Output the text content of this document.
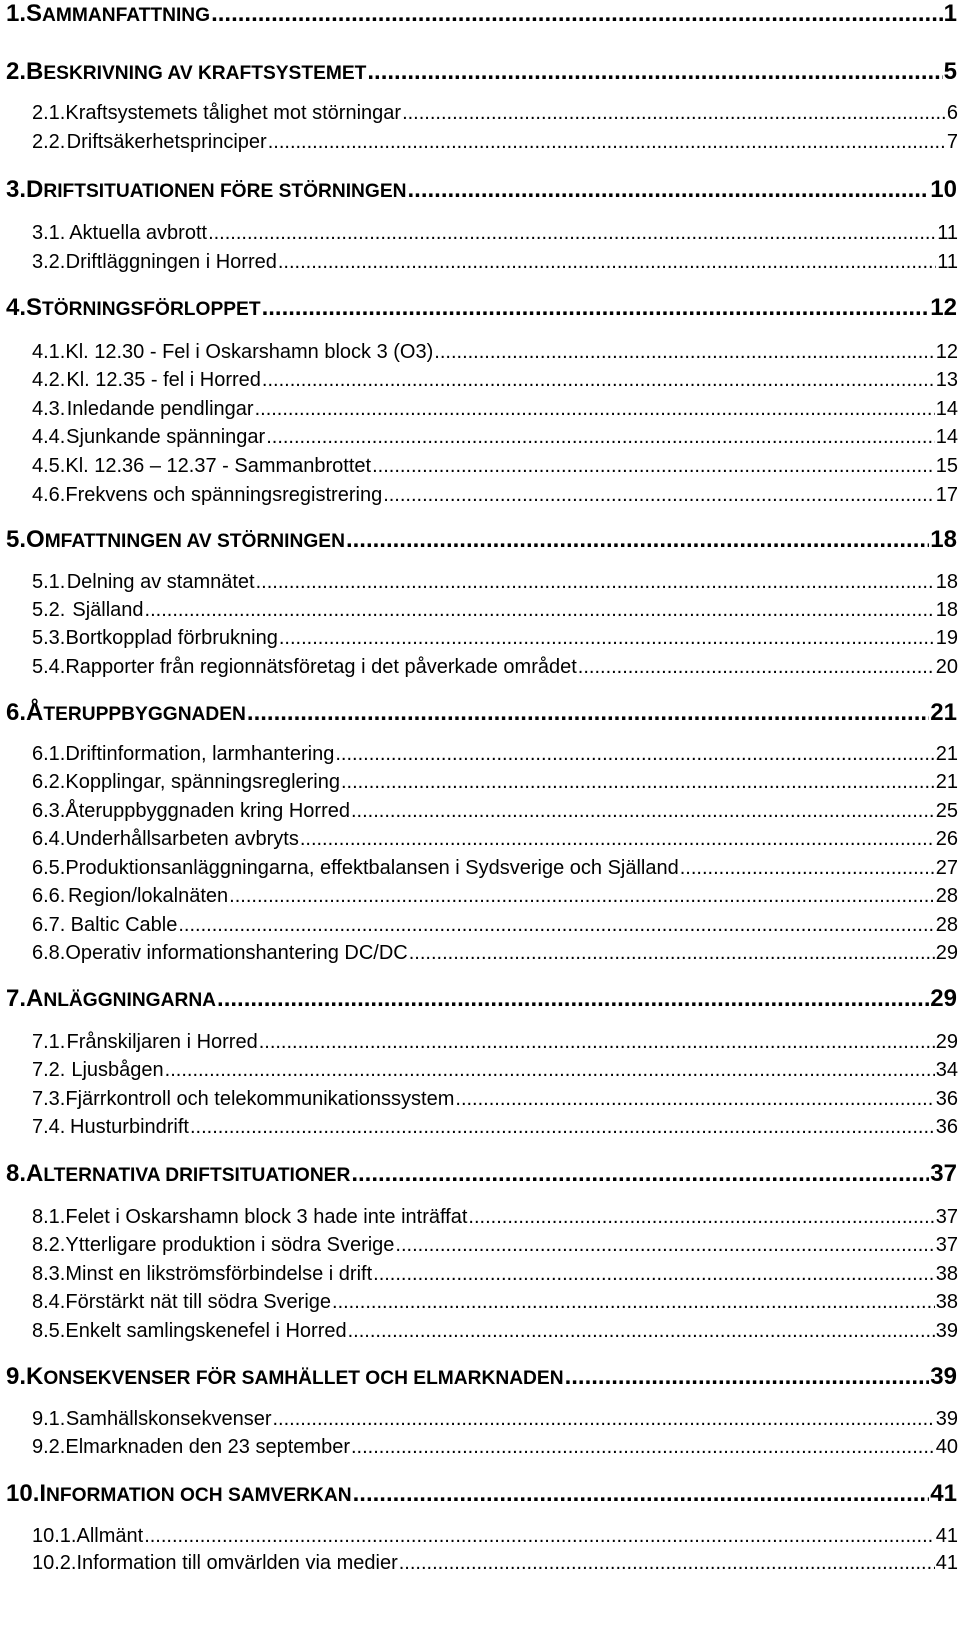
1. SAMMANFATTNING .....	1
2. BESKRIVNING AV KRAFTSYSTEMET .....	5
2.1. Kraftsystemets tålighet mot störningar .....	6
2.2. Driftsäkerhetsprinciper .....	7
3. DRIFTSITUATIONEN FÖRE STÖRNINGEN .....	10
3.1. Aktuella avbrott .....	11
3.2. Driftläggningen i Horred .....	11
4. STÖRNINGSFÖRLOPPET .....	12
4.1. Kl. 12.30 - Fel i Oskarshamn block 3 (O3) .....	12
4.2. Kl. 12.35 - fel i Horred .....	13
4.3. Inledande pendlingar .....	14
4.4. Sjunkande spänningar .....	14
4.5. Kl. 12.36 – 12.37 - Sammanbrottet .....	15
4.6. Frekvens och spänningsregistrering .....	17
5. OMFATTNINGEN AV STÖRNINGEN .....	18
5.1. Delning av stamnätet .....	18
5.2. Själland .....	18
5.3. Bortkopplad förbrukning .....	19
5.4. Rapporter från regionnätsföretag i det påverkade området .....	20
6. ÅTERUPPBYGGNADEN .....	21
6.1. Driftinformation, larmhantering .....	21
6.2. Kopplingar, spänningsreglering .....	21
6.3. Återuppbyggnaden kring Horred .....	25
6.4. Underhållsarbeten avbryts .....	26
6.5. Produktionsanläggningarna, effektbalansen i Sydsverige och Själland .....	27
6.6. Region/lokalnäten .....	28
6.7. Baltic Cable .....	28
6.8. Operativ informationshantering DC/DC .....	29
7. ANLÄGGNINGARNA .....	29
7.1. Frånskiljaren i Horred .....	29
7.2. Ljusbågen .....	34
7.3. Fjärrkontroll och telekommunikationssystem .....	36
7.4. Husturbindrift .....	36
8. ALTERNATIVA DRIFTSITUATIONER .....	37
8.1. Felet i Oskarshamn block 3 hade inte inträffat .....	37
8.2. Ytterligare produktion i södra Sverige .....	37
8.3. Minst en likströmsförbindelse i drift .....	38
8.4. Förstärkt nät till södra Sverige .....	38
8.5. Enkelt samlingskenefel i Horred .....	39
9. KONSEKVENSER FÖR SAMHÄLLET OCH ELMARKNADEN .....	39
9.1. Samhällskonsekvenser .....	39
9.2. Elmarknaden den 23 september .....	40
10. INFORMATION OCH SAMVERKAN .....	41
10.1. Allmänt .....	41
10.2. Information till omvärlden via medier .....	41
